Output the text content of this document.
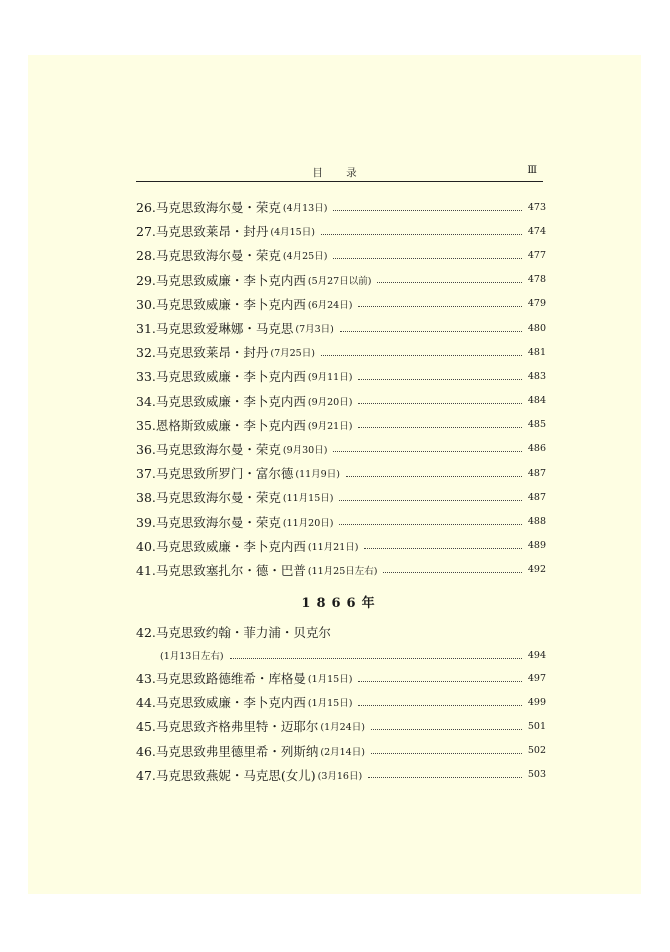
目 录	Ⅲ
26.马克思致海尔曼・荣克 (4月13日)	473
27.马克思致莱昂・封丹 (4月15日)	474
28.马克思致海尔曼・荣克 (4月25日)	477
29.马克思致威廉・李卜克内西 (5月27日以前)	478
30.马克思致威廉・李卜克内西 (6月24日)	479
31.马克思致爱琳娜・马克思 (7月3日)	480
32.马克思致莱昂・封丹 (7月25日)	481
33.马克思致威廉・李卜克内西 (9月11日)	483
34.马克思致威廉・李卜克内西 (9月20日)	484
35.恩格斯致威廉・李卜克内西 (9月21日)	485
36.马克思致海尔曼・荣克 (9月30日)	486
37.马克思致所罗门・富尔德 (11月9日)	487
38.马克思致海尔曼・荣克 (11月15日)	487
39.马克思致海尔曼・荣克 (11月20日)	488
40.马克思致威廉・李卜克内西 (11月21日)	489
41.马克思致塞扎尔・德・巴普 (11月25日左右)	492
1866年
42.马克思致约翰・菲力浦・贝克尔
(1月13日左右)	494
43.马克思致路德维希・库格曼 (1月15日)	497
44.马克思致威廉・李卜克内西 (1月15日)	499
45.马克思致齐格弗里特・迈耶尔 (1月24日)	501
46.马克思致弗里德里希・列斯纳 (2月14日)	502
47.马克思致燕妮・马克思(女儿) (3月16日)	503
